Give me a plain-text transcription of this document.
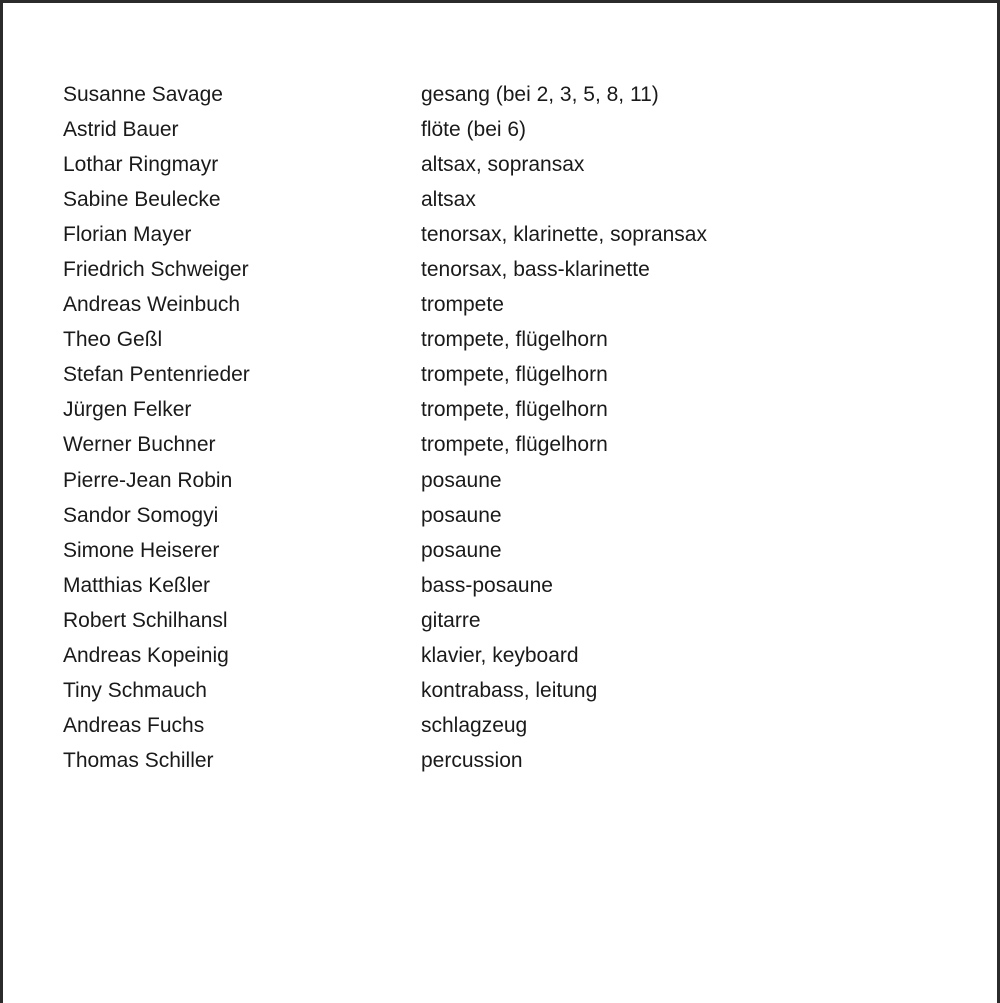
Susanne Savage	gesang (bei 2, 3, 5, 8, 11)
Astrid Bauer	flöte (bei 6)
Lothar Ringmayr	altsax, sopransax
Sabine Beulecke	altsax
Florian Mayer	tenorsax, klarinette, sopransax
Friedrich Schweiger	tenorsax, bass-klarinette
Andreas Weinbuch	trompete
Theo Geßl	trompete, flügelhorn
Stefan Pentenrieder	trompete, flügelhorn
Jürgen Felker	trompete, flügelhorn
Werner Buchner	trompete, flügelhorn
Pierre-Jean Robin	posaune
Sandor Somogyi	posaune
Simone Heiserer	posaune
Matthias Keßler	bass-posaune
Robert Schilhansl	gitarre
Andreas Kopeinig	klavier, keyboard
Tiny Schmauch	kontrabass, leitung
Andreas Fuchs	schlagzeug
Thomas Schiller	percussion
